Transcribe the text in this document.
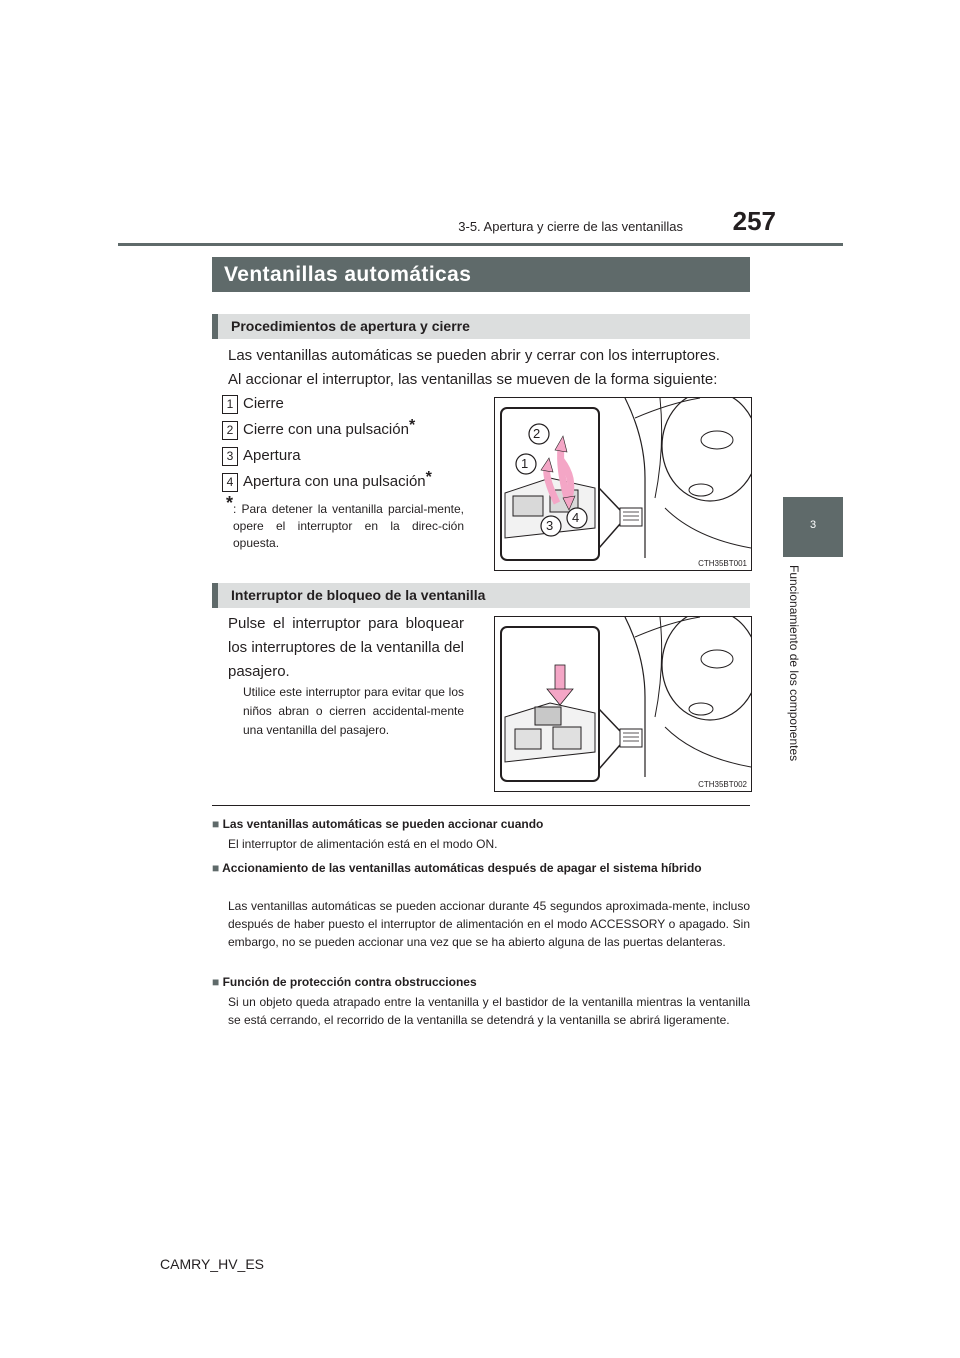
3-5. Apertura y cierre de las ventanillas	257
3
Funcionamiento de los componentes
Ventanillas automáticas
Procedimientos de apertura y cierre
Las ventanillas automáticas se pueden abrir y cerrar con los interruptores.
Al accionar el interruptor, las ventanillas se mueven de la forma siguiente:
1 Cierre
2 Cierre con una pulsación*
3 Apertura
4 Apertura con una pulsación*
* : Para detener la ventanilla parcial-mente, opere el interruptor en la direc-ción opuesta.
2
1
3
4
CTH35BT001
Interruptor de bloqueo de la ventanilla
Pulse el interruptor para bloquear los interruptores de la ventanilla del pasajero.
Utilice este interruptor para evitar que los niños abran o cierren accidental-mente una ventanilla del pasajero.
CTH35BT002
■ Las ventanillas automáticas se pueden accionar cuando
El interruptor de alimentación está en el modo ON.
■ Accionamiento de las ventanillas automáticas después de apagar el sistema híbrido
Las ventanillas automáticas se pueden accionar durante 45 segundos aproximada-mente, incluso después de haber puesto el interruptor de alimentación en el modo ACCESSORY o apagado. Sin embargo, no se pueden accionar una vez que se ha abierto alguna de las puertas delanteras.
■ Función de protección contra obstrucciones
Si un objeto queda atrapado entre la ventanilla y el bastidor de la ventanilla mientras la ventanilla se está cerrando, el recorrido de la ventanilla se detendrá y la ventanilla se abrirá ligeramente.
CAMRY_HV_ES
